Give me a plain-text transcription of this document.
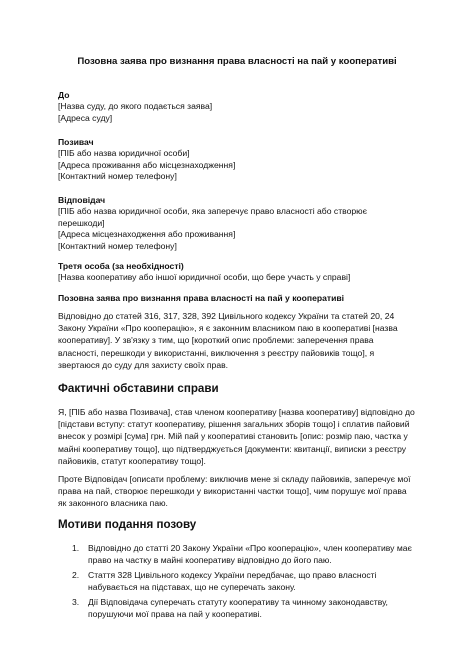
Позовна заява про визнання права власності на пай у кооперативі

До

[Назва суду, до якого подається заява]

[Адреса суду]

Позивач

[ПІБ або назва юридичної особи]

[Адреса проживання або місцезнаходження]

[Контактний номер телефону]

Відповідач

[ПІБ або назва юридичної особи, яка заперечує право власності або створює перешкоди]

[Адреса місцезнаходження або проживання]

[Контактний номер телефону]

Третя особа (за необхідності)

[Назва кооперативу або іншої юридичної особи, що бере участь у справі]

Позовна заява про визнання права власності на пай у кооперативі

Відповідно до статей 316, 317, 328, 392 Цивільного кодексу України та статей 20, 24 Закону України «Про кооперацію», я є законним власником паю в кооперативі [назва кооперативу]. У зв'язку з тим, що [короткий опис проблеми: заперечення права власності, перешкоди у використанні, виключення з реєстру пайовиків тощо], я звертаюся до суду для захисту своїх прав.

Фактичні обставини справи

Я, [ПІБ або назва Позивача], став членом кооперативу [назва кооперативу] відповідно до [підстави вступу: статут кооперативу, рішення загальних зборів тощо] і сплатив пайовий внесок у розмірі [сума] грн. Мій пай у кооперативі становить [опис: розмір паю, частка у майні кооперативу тощо], що підтверджується [документи: квитанції, виписки з реєстру пайовиків, статут кооперативу тощо].

Проте Відповідач [описати проблему: виключив мене зі складу пайовиків, заперечує мої права на пай, створює перешкоди у використанні частки тощо], чим порушує мої права як законного власника паю.

Мотиви подання позову

1. Відповідно до статті 20 Закону України «Про кооперацію», член кооперативу має право на частку в майні кооперативу відповідно до його паю.
2. Стаття 328 Цивільного кодексу України передбачає, що право власності набувається на підставах, що не суперечать закону.
3. Дії Відповідача суперечать статуту кооперативу та чинному законодавству, порушуючи мої права на пай у кооперативі.
